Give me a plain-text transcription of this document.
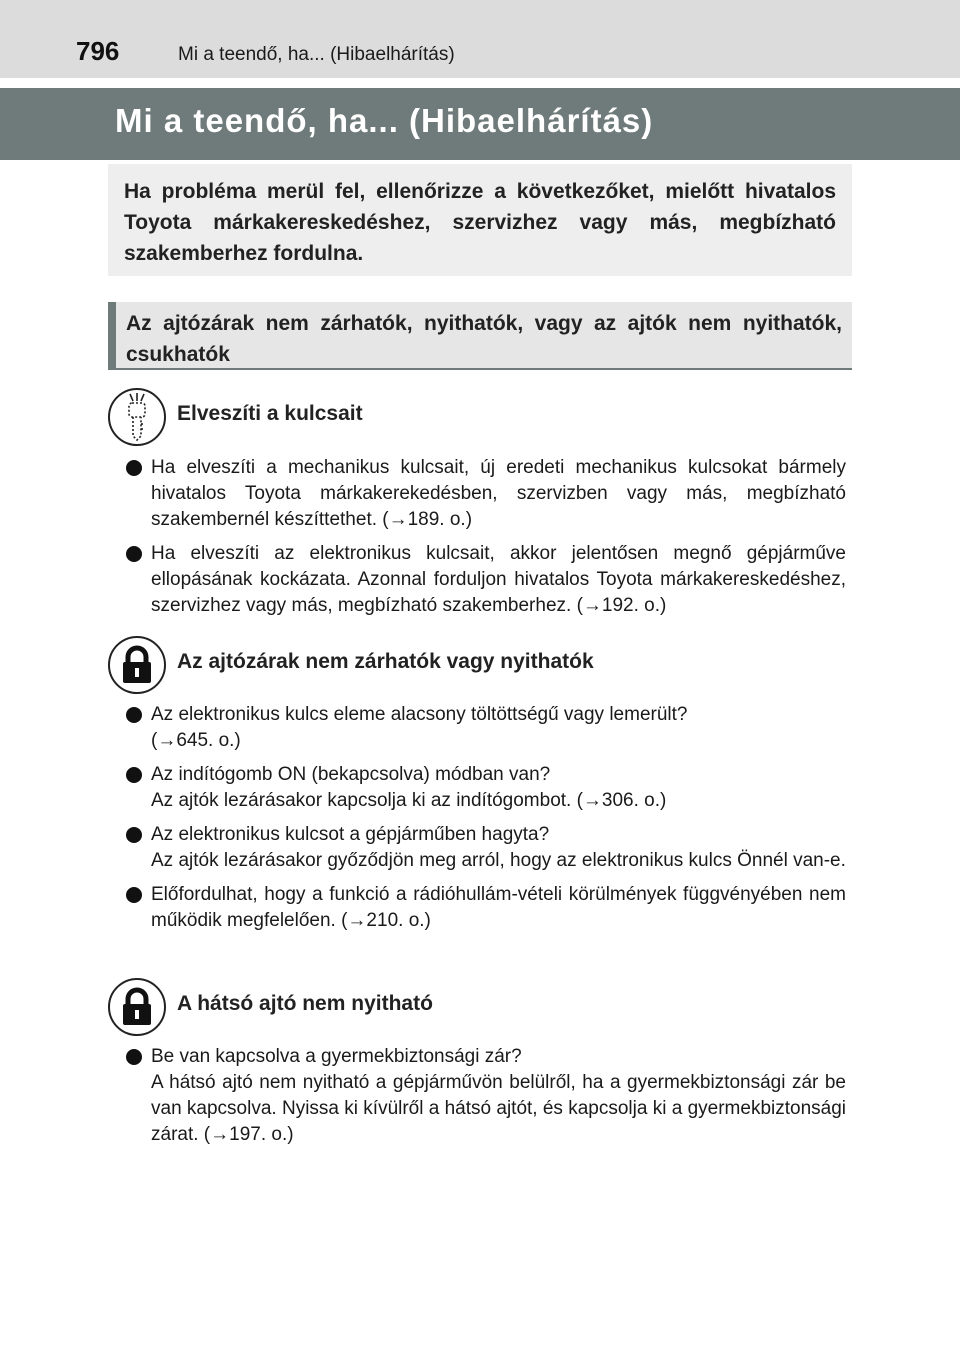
796	Mi a teendő, ha... (Hibaelhárítás)
Mi a teendő, ha... (Hibaelhárítás)

Ha probléma merül fel, ellenőrizze a következőket, mielőtt hivatalos Toyota márkakereskedéshez, szervizhez vagy más, megbízható szakemberhez fordulna.

Az ajtózárak nem zárhatók, nyithatók, vagy az ajtók nem nyithatók, csukhatók
Elveszíti a kulcsait
Ha elveszíti a mechanikus kulcsait, új eredeti mechanikus kulcsokat bármely hivatalos Toyota márkakerekedésben, szervizben vagy más, megbízható szakembernél készíttethet. (→189. o.)
Ha elveszíti az elektronikus kulcsait, akkor jelentősen megnő gépjárműve ellopásának kockázata. Azonnal forduljon hivatalos Toyota márkakereskedéshez, szervizhez vagy más, megbízható szakemberhez. (→192. o.)
Az ajtózárak nem zárhatók vagy nyithatók
Az elektronikus kulcs eleme alacsony töltöttségű vagy lemerült?
(→645. o.)
Az indítógomb ON (bekapcsolva) módban van?
Az ajtók lezárásakor kapcsolja ki az indítógombot. (→306. o.)
Az elektronikus kulcsot a gépjárműben hagyta?
Az ajtók lezárásakor győződjön meg arról, hogy az elektronikus kulcs Önnél van-e.
Előfordulhat, hogy a funkció a rádióhullám-vételi körülmények függvényében nem működik megfelelően. (→210. o.)
A hátsó ajtó nem nyitható
Be van kapcsolva a gyermekbiztonsági zár?
A hátsó ajtó nem nyitható a gépjárművön belülről, ha a gyermekbiztonsági zár be van kapcsolva. Nyissa ki kívülről a hátsó ajtót, és kapcsolja ki a gyermekbiztonsági zárat. (→197. o.)
